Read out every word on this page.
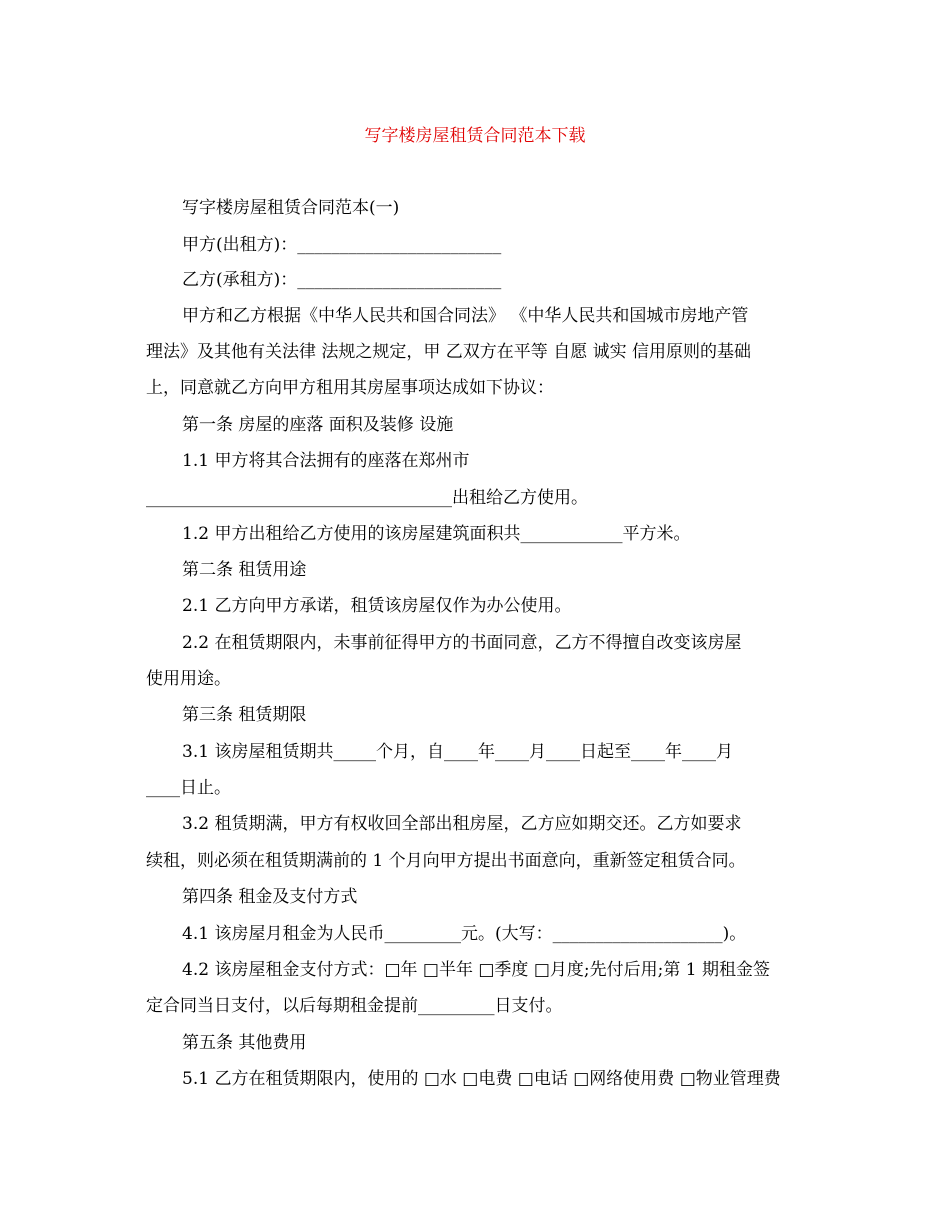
写字楼房屋租赁合同范本下载
写字楼房屋租赁合同范本(一)
甲方(出租方)：________________________
乙方(承租方)：________________________
甲方和乙方根据《中华人民共和国合同法》 《中华人民共和国城市房地产管
理法》及其他有关法律 法规之规定，甲 乙双方在平等 自愿 诚实 信用原则的基础
上，同意就乙方向甲方租用其房屋事项达成如下协议：
第一条 房屋的座落 面积及装修 设施
1.1 甲方将其合法拥有的座落在郑州市
____________________________________出租给乙方使用。
1.2 甲方出租给乙方使用的该房屋建筑面积共____________平方米。
第二条 租赁用途
2.1 乙方向甲方承诺，租赁该房屋仅作为办公使用。
2.2 在租赁期限内，未事前征得甲方的书面同意，乙方不得擅自改变该房屋
使用用途。
第三条 租赁期限
3.1 该房屋租赁期共_____个月，自____年____月____日起至____年____月
____日止。
3.2 租赁期满，甲方有权收回全部出租房屋，乙方应如期交还。乙方如要求
续租，则必须在租赁期满前的 1 个月向甲方提出书面意向，重新签定租赁合同。
第四条 租金及支付方式
4.1 该房屋月租金为人民币_________元。(大写：____________________)。
4.2 该房屋租金支付方式：□年 □半年 □季度 □月度;先付后用;第 1 期租金签
定合同当日支付，以后每期租金提前_________日支付。
第五条 其他费用
5.1 乙方在租赁期限内，使用的 □水 □电费 □电话 □网络使用费 □物业管理费
